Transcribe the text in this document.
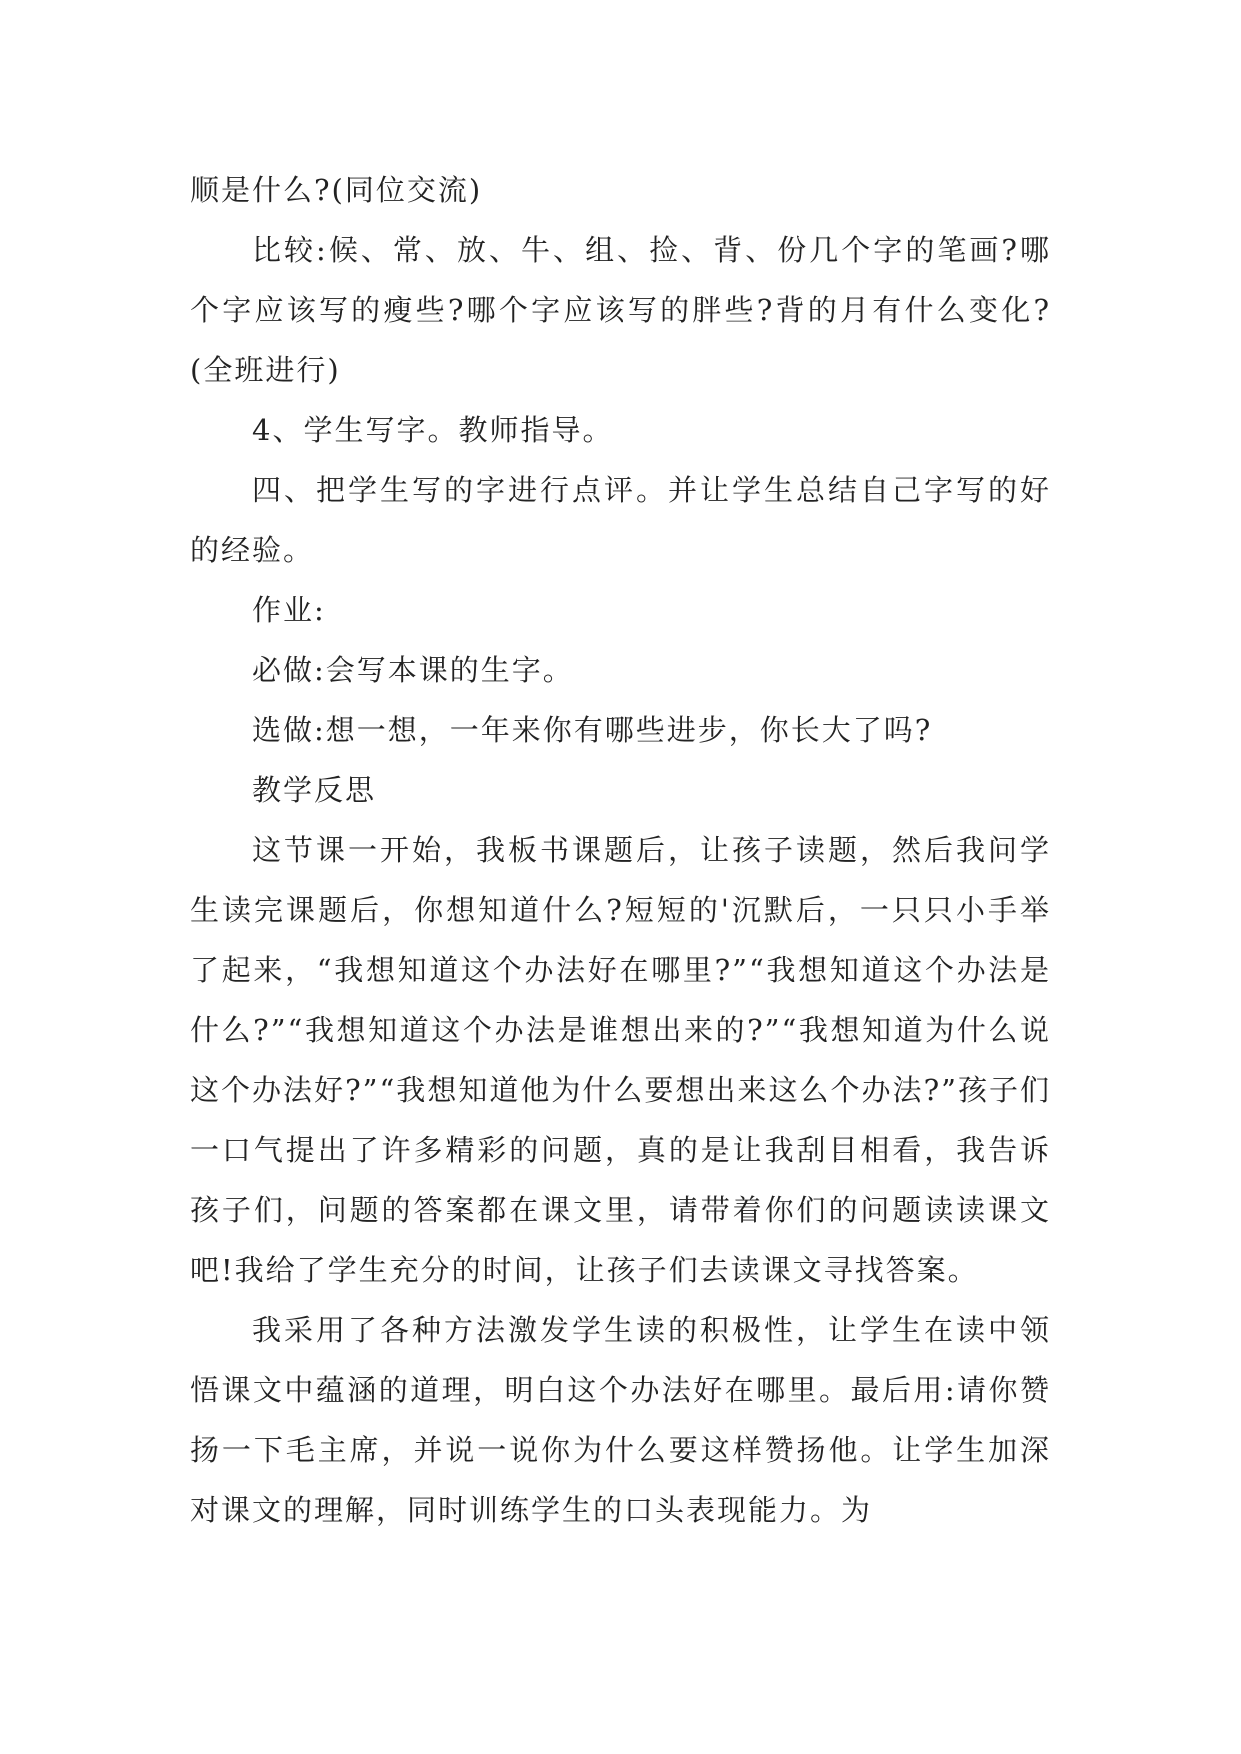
顺是什么?(同位交流)

比较:候、常、放、牛、组、捡、背、份几个字的笔画?哪个字应该写的瘦些?哪个字应该写的胖些?背的月有什么变化?(全班进行)

4、学生写字。教师指导。

四、把学生写的字进行点评。并让学生总结自己字写的好的经验。

作业:

必做:会写本课的生字。

选做:想一想，一年来你有哪些进步，你长大了吗?

教学反思

这节课一开始，我板书课题后，让孩子读题，然后我问学生读完课题后，你想知道什么?短短的'沉默后，一只只小手举了起来，“我想知道这个办法好在哪里?”“我想知道这个办法是什么?”“我想知道这个办法是谁想出来的?”“我想知道为什么说这个办法好?”“我想知道他为什么要想出来这么个办法?”孩子们一口气提出了许多精彩的问题，真的是让我刮目相看，我告诉孩子们，问题的答案都在课文里，请带着你们的问题读读课文吧!我给了学生充分的时间，让孩子们去读课文寻找答案。

我采用了各种方法激发学生读的积极性，让学生在读中领悟课文中蕴涵的道理，明白这个办法好在哪里。最后用:请你赞扬一下毛主席，并说一说你为什么要这样赞扬他。让学生加深对课文的理解，同时训练学生的口头表现能力。为
